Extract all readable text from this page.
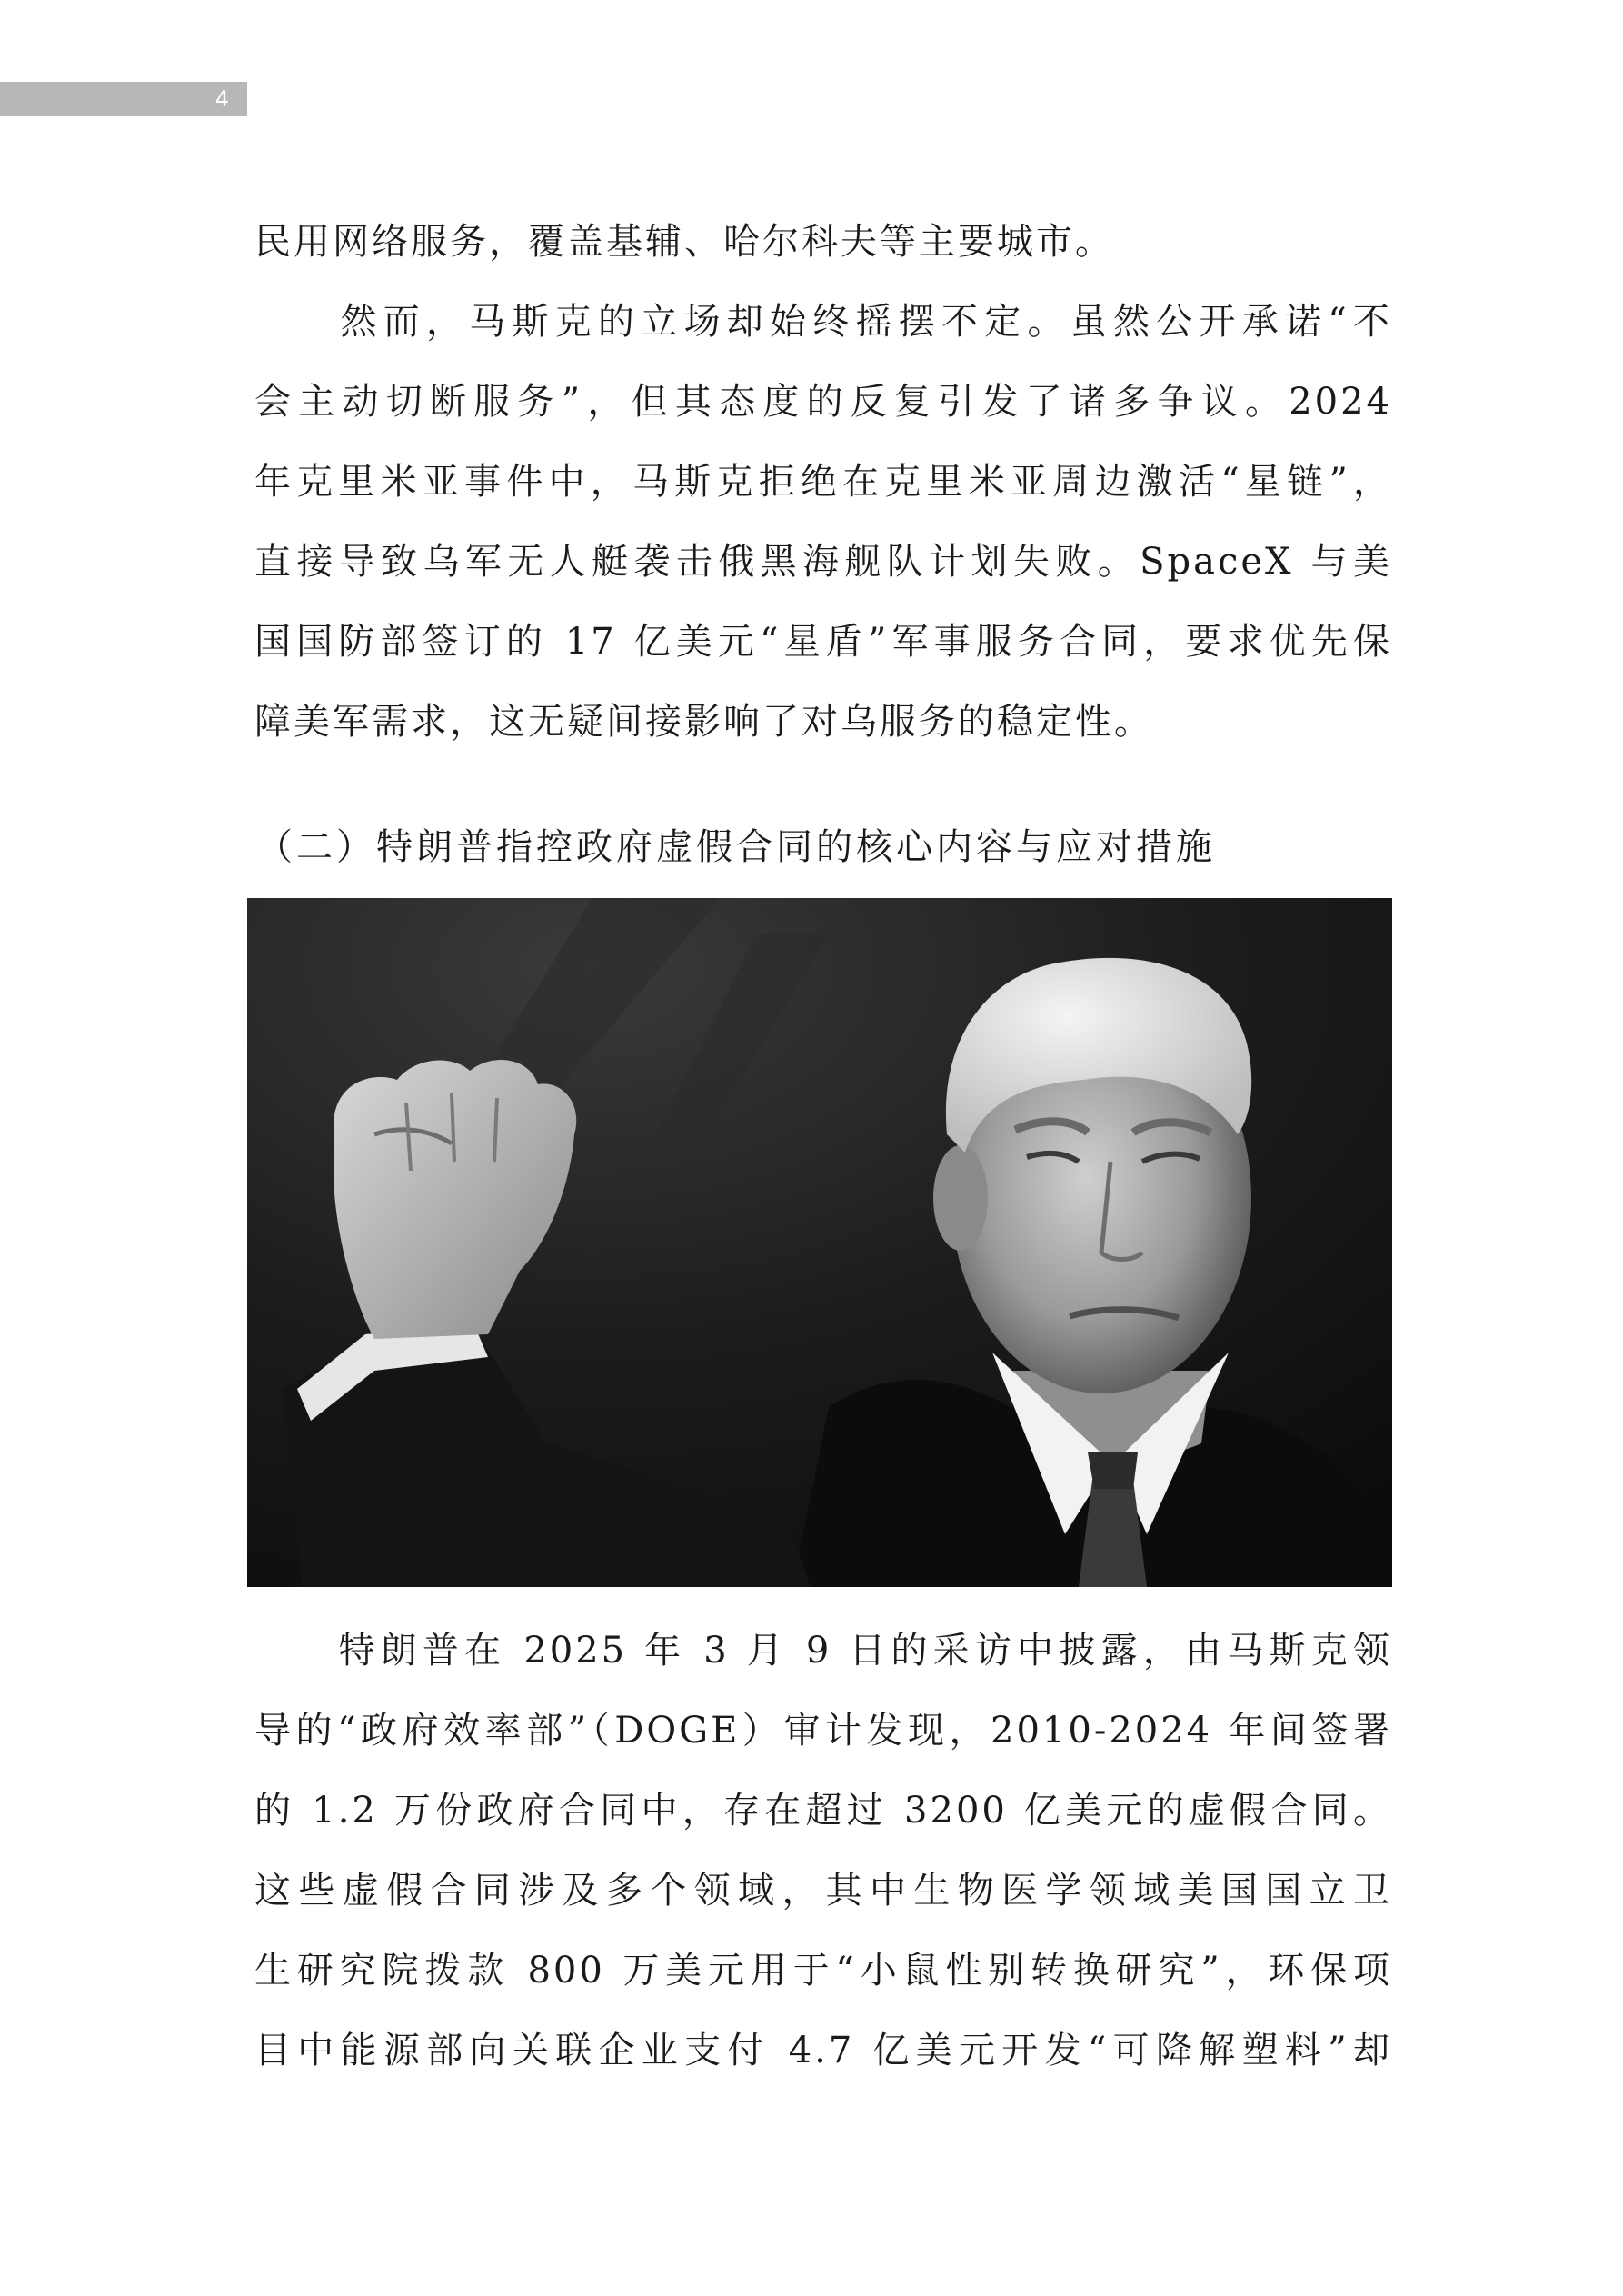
4
民用网络服务，覆盖基辅、哈尔科夫等主要城市。
　　然而，马斯克的立场却始终摇摆不定。虽然公开承诺“不
会主动切断服务”，但其态度的反复引发了诸多争议。2024
年克里米亚事件中，马斯克拒绝在克里米亚周边激活“星链”，
直接导致乌军无人艇袭击俄黑海舰队计划失败。SpaceX 与美
国国防部签订的 17 亿美元“星盾”军事服务合同，要求优先保
障美军需求，这无疑间接影响了对乌服务的稳定性。
（二）特朗普指控政府虚假合同的核心内容与应对措施
　　特朗普在 2025 年 3 月 9 日的采访中披露，由马斯克领
导的“政府效率部”（DOGE）审计发现，2010-2024 年间签署
的 1.2 万份政府合同中，存在超过 3200 亿美元的虚假合同。
这些虚假合同涉及多个领域，其中生物医学领域美国国立卫
生研究院拨款 800 万美元用于“小鼠性别转换研究”，环保项
目中能源部向关联企业支付 4.7 亿美元开发“可降解塑料”却
